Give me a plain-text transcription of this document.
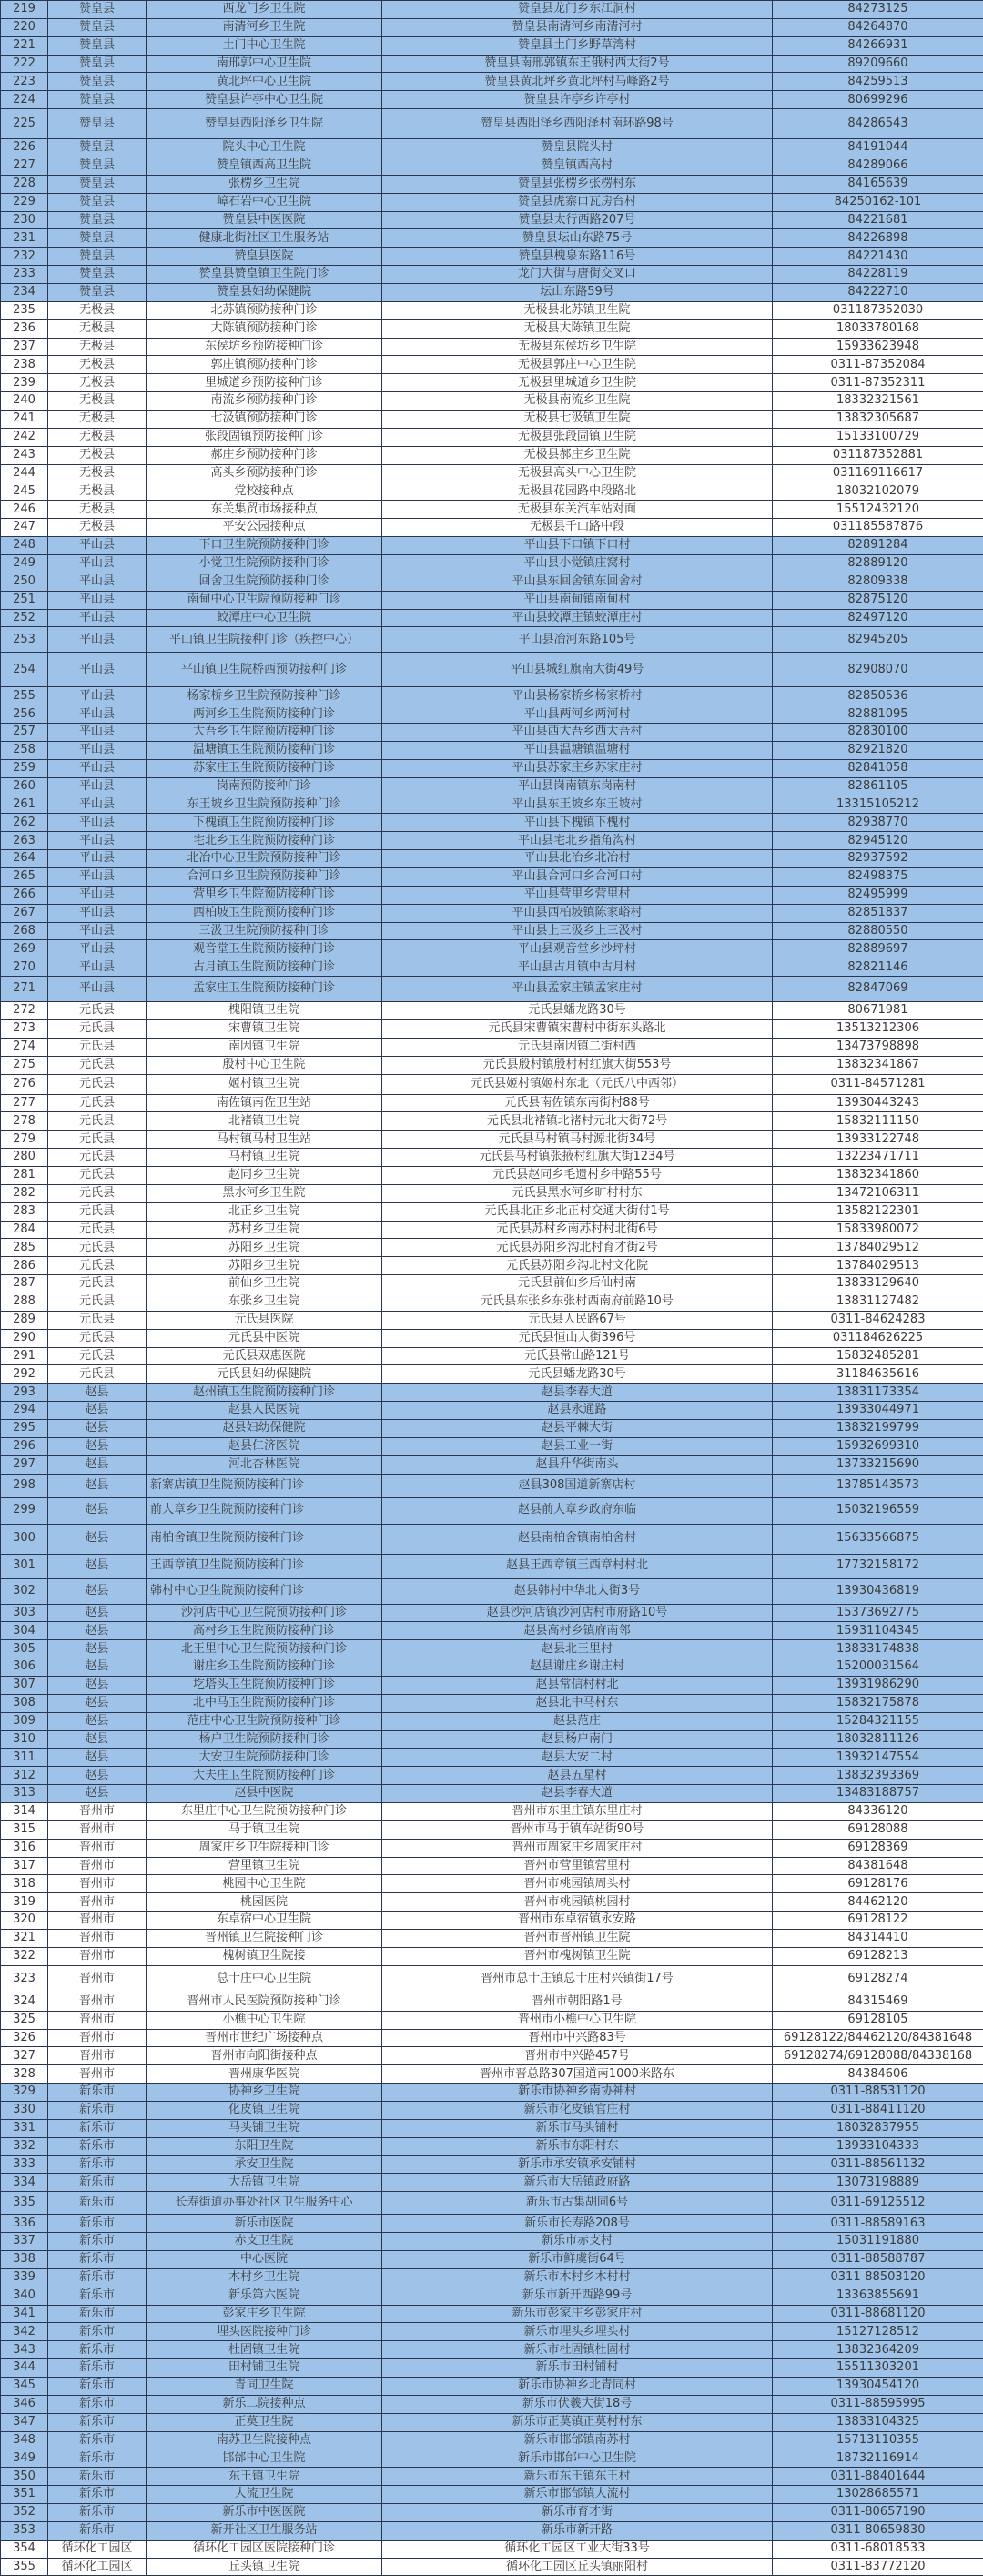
219	赞皇县	西龙门乡卫生院	赞皇县龙门乡东江洞村	84273125
220	赞皇县	南清河乡卫生院	赞皇县南清河乡南清河村	84264870
221	赞皇县	土门中心卫生院	赞皇县土门乡野草湾村	84266931
222	赞皇县	南邢郭中心卫生院	赞皇县南邢郭镇东王俄村西大街2号	89209660
223	赞皇县	黄北坪中心卫生院	赞皇县黄北坪乡黄北坪村马峰路2号	84259513
224	赞皇县	赞皇县许亭中心卫生院	赞皇县许亭乡许亭村	80699296
225	赞皇县	赞皇县西阳泽乡卫生院	赞皇县西阳泽乡西阳泽村南环路98号	84286543
226	赞皇县	院头中心卫生院	赞皇县院头村	84191044
227	赞皇县	赞皇镇西高卫生院	赞皇镇西高村	84289066
228	赞皇县	张楞乡卫生院	赞皇县张楞乡张楞村东	84165639
229	赞皇县	嶂石岩中心卫生院	赞皇县虎寨口瓦房台村	84250162-101
230	赞皇县	赞皇县中医医院	赞皇县太行西路207号	84221681
231	赞皇县	健康北街社区卫生服务站	赞皇县坛山东路75号	84226898
232	赞皇县	赞皇县医院	赞皇县槐泉东路116号	84221430
233	赞皇县	赞皇县赞皇镇卫生院门诊	龙门大街与唐街交叉口	84228119
234	赞皇县	赞皇县妇幼保健院	坛山东路59号	84222710
235	无极县	北苏镇预防接种门诊	无极县北苏镇卫生院	031187352030
236	无极县	大陈镇预防接种门诊	无极县大陈镇卫生院	18033780168
237	无极县	东侯坊乡预防接种门诊	无极县东侯坊乡卫生院	15933623948
238	无极县	郭庄镇预防接种门诊	无极县郭庄中心卫生院	0311-87352084
239	无极县	里城道乡预防接种门诊	无极县里城道乡卫生院	0311-87352311
240	无极县	南流乡预防接种门诊	无极县南流乡卫生院	18332321561
241	无极县	七汲镇预防接种门诊	无极县七汲镇卫生院	13832305687
242	无极县	张段固镇预防接种门诊	无极县张段固镇卫生院	15133100729
243	无极县	郝庄乡预防接种门诊	无极县郝庄乡卫生院	031187352881
244	无极县	高头乡预防接种门诊	无极县高头中心卫生院	031169116617
245	无极县	党校接种点	无极县花园路中段路北	18032102079
246	无极县	东关集贸市场接种点	无极县东关汽车站对面	15512432120
247	无极县	平安公园接种点	无极县千山路中段	031185587876
248	平山县	下口卫生院预防接种门诊	平山县下口镇下口村	82891284
249	平山县	小觉卫生院预防接种门诊	平山县小觉镇庄窝村	82889120
250	平山县	回舍卫生院预防接种门诊	平山县东回舍镇东回舍村	82809338
251	平山县	南甸中心卫生院预防接种门诊	平山县南甸镇南甸村	82875120
252	平山县	蛟潭庄中心卫生院	平山县蛟潭庄镇蛟潭庄村	82497120
253	平山县	平山镇卫生院接种门诊（疾控中心）	平山县冶河东路105号	82945205
254	平山县	平山镇卫生院桥西预防接种门诊	平山县城红旗南大街49号	82908070
255	平山县	杨家桥乡卫生院预防接种门诊	平山县杨家桥乡杨家桥村	82850536
256	平山县	两河乡卫生院预防接种门诊	平山县两河乡两河村	82881095
257	平山县	大吾乡卫生院预防接种门诊	平山县西大吾乡西大吾村	82830100
258	平山县	温塘镇卫生院预防接种门诊	平山县温塘镇温塘村	82921820
259	平山县	苏家庄卫生院预防接种门诊	平山县苏家庄乡苏家庄村	82841058
260	平山县	岗南预防接种门诊	平山县岗南镇东岗南村	82861105
261	平山县	东王坡乡卫生院预防接种门诊	平山县东王坡乡东王坡村	13315105212
262	平山县	下槐镇卫生院预防接种门诊	平山县下槐镇下槐村	82938770
263	平山县	宅北乡卫生院预防接种门诊	平山县宅北乡指角沟村	82945120
264	平山县	北冶中心卫生院预防接种门诊	平山县北冶乡北冶村	82937592
265	平山县	合河口乡卫生院预防接种门诊	平山县合河口乡合河口村	82498375
266	平山县	营里乡卫生院预防接种门诊	平山县营里乡营里村	82495999
267	平山县	西柏坡卫生院预防接种门诊	平山县西柏坡镇陈家峪村	82851837
268	平山县	三汲卫生院预防接种门诊	平山县上三汲乡上三汲村	82880550
269	平山县	观音堂卫生院预防接种门诊	平山县观音堂乡沙坪村	82889697
270	平山县	古月镇卫生院预防接种门诊	平山县古月镇中古月村	82821146
271	平山县	孟家庄卫生院预防接种门诊	平山县孟家庄镇孟家庄村	82847069
272	元氏县	槐阳镇卫生院	元氏县蟠龙路30号	80671981
273	元氏县	宋曹镇卫生院	元氏县宋曹镇宋曹村中街东头路北	13513212306
274	元氏县	南因镇卫生院	元氏县南因镇二街村西	13473798898
275	元氏县	殷村中心卫生院	元氏县殷村镇殷村村红旗大街553号	13832341867
276	元氏县	姬村镇卫生院	元氏县姬村镇姬村东北（元氏八中西邻）	0311-84571281
277	元氏县	南佐镇南佐卫生站	元氏县南佐镇东南街村88号	13930443243
278	元氏县	北褚镇卫生院	元氏县北褚镇北褚村元北大街72号	15832111150
279	元氏县	马村镇马村卫生站	元氏县马村镇马村源北街34号	13933122748
280	元氏县	马村镇卫生院	元氏县马村镇张掖村红旗大街1234号	13223471711
281	元氏县	赵同乡卫生院	元氏县赵同乡毛遗村乡中路55号	13832341860
282	元氏县	黑水河乡卫生院	元氏县黑水河乡旷村村东	13472106311
283	元氏县	北正乡卫生院	元氏县北正乡北正村交通大街付1号	13582122301
284	元氏县	苏村乡卫生院	元氏县苏村乡南苏村村北街6号	15833980072
285	元氏县	苏阳乡卫生院	元氏县苏阳乡沟北村育才街2号	13784029512
286	元氏县	苏阳乡卫生院	元氏县苏阳乡沟北村文化院	13784029513
287	元氏县	前仙乡卫生院	元氏县前仙乡后仙村南	13833129640
288	元氏县	东张乡卫生院	元氏县东张乡东张村西南府前路10号	13831127482
289	元氏县	元氏县医院	元氏县人民路67号	0311-84624283
290	元氏县	元氏县中医院	元氏县恒山大街396号	031184626225
291	元氏县	元氏县双惠医院	元氏县常山路121号	15832485281
292	元氏县	元氏县妇幼保健院	元氏县蟠龙路30号	31184635616
293	赵县	赵州镇卫生院预防接种门诊	赵县李春大道	13831173354
294	赵县	赵县人民医院	赵县永通路	13933044971
295	赵县	赵县妇幼保健院	赵县平棘大街	13832199799
296	赵县	赵县仁济医院	赵县工业一街	15932699310
297	赵县	河北杏林医院	赵县升华街南头	13733215690
298	赵县	新寨店镇卫生院预防接种门诊	赵县308国道新寨店村	13785143573
299	赵县	前大章乡卫生院预防接种门诊	赵县前大章乡政府东临	15032196559
300	赵县	南柏舍镇卫生院预防接种门诊	赵县南柏舍镇南柏舍村	15633566875
301	赵县	王西章镇卫生院预防接种门诊	赵县王西章镇王西章村村北	17732158172
302	赵县	韩村中心卫生院预防接种门诊	赵县韩村中华北大街3号	13930436819
303	赵县	沙河店中心卫生院预防接种门诊	赵县沙河店镇沙河店村市府路10号	15373692775
304	赵县	高村乡卫生院预防接种门诊	赵县高村乡镇府南邻	15931104345
305	赵县	北王里中心卫生院预防接种门诊	赵县北王里村	13833174838
306	赵县	谢庄乡卫生院预防接种门诊	赵县谢庄乡谢庄村	15200031564
307	赵县	圪塔头卫生院预防接种门诊	赵县常信村村北	13931986290
308	赵县	北中马卫生院预防接种门诊	赵县北中马村东	15832175878
309	赵县	范庄中心卫生院预防接种门诊	赵县范庄	15284321155
310	赵县	杨户卫生院预防接种门诊	赵县杨户南门	18032811126
311	赵县	大安卫生院预防接种门诊	赵县大安二村	13932147554
312	赵县	大夫庄卫生院预防接种门诊	赵县五星村	13832393369
313	赵县	赵县中医院	赵县李春大道	13483188757
314	晋州市	东里庄中心卫生院预防接种门诊	晋州市东里庄镇东里庄村	84336120
315	晋州市	马于镇卫生院	晋州市马于镇车站街90号	69128088
316	晋州市	周家庄乡卫生院接种门诊	晋州市周家庄乡周家庄村	69128369
317	晋州市	营里镇卫生院	晋州市营里镇营里村	84381648
318	晋州市	桃园中心卫生院	晋州市桃园镇周头村	69128176
319	晋州市	桃园医院	晋州市桃园镇桃园村	84462120
320	晋州市	东卓宿中心卫生院	晋州市东卓宿镇永安路	69128122
321	晋州市	晋州镇卫生院接种门诊	晋州市晋州镇卫生院	84314410
322	晋州市	槐树镇卫生院接	晋州市槐树镇卫生院	69128213
323	晋州市	总十庄中心卫生院	晋州市总十庄镇总十庄村兴镇街17号	69128274
324	晋州市	晋州市人民医院预防接种门诊	晋州市朝阳路1号	84315469
325	晋州市	小樵中心卫生院	晋州市小樵中心卫生院	69128105
326	晋州市	晋州市世纪广场接种点	晋州市中兴路83号	69128122/84462120/84381648
327	晋州市	晋州市向阳街接种点	晋州市中兴路457号	69128274/69128088/84338168
328	晋州市	晋州康华医院	晋州市晋总路307国道南1000米路东	84384606
329	新乐市	协神乡卫生院	新乐市协神乡南协神村	0311-88531120
330	新乐市	化皮镇卫生院	新乐市化皮镇官庄村	0311-88411120
331	新乐市	马头铺卫生院	新乐市马头铺村	18032837955
332	新乐市	东阳卫生院	新乐市东阳村东	13933104333
333	新乐市	承安卫生院	新乐市承安镇承安铺村	0311-88561132
334	新乐市	大岳镇卫生院	新乐市大岳镇政府路	13073198889
335	新乐市	长寿街道办事处社区卫生服务中心	新乐市古集胡同6号	0311-69125512
336	新乐市	新乐市医院	新乐市长寿路208号	0311-88589163
337	新乐市	赤支卫生院	新乐市赤支村	15031191880
338	新乐市	中心医院	新乐市鲜虞街64号	0311-88588787
339	新乐市	木村乡卫生院	新乐市木村乡木村村	0311-88503120
340	新乐市	新乐第六医院	新乐市新开西路99号	13363855691
341	新乐市	彭家庄乡卫生院	新乐市彭家庄乡彭家庄村	0311-88681120
342	新乐市	埋头医院接种门诊	新乐市埋头乡埋头村	15127128512
343	新乐市	杜固镇卫生院	新乐市杜固镇杜固村	13832364209
344	新乐市	田村铺卫生院	新乐市田村铺村	15511303201
345	新乐市	青同卫生院	新乐市协神乡北青同村	13930454120
346	新乐市	新乐二院接种点	新乐市伏羲大街18号	0311-88595995
347	新乐市	正莫卫生院	新乐市正莫镇正莫村村东	13833104325
348	新乐市	南苏卫生院接种点	新乐市邯邰镇南苏村	15713110355
349	新乐市	邯邰中心卫生院	新乐市邯邰中心卫生院	18732116914
350	新乐市	东王镇卫生院	新乐市东王镇东王村	0311-88401644
351	新乐市	大流卫生院	新乐市邯邰镇大流村	13028685571
352	新乐市	新乐市中医医院	新乐市育才街	0311-80657190
353	新乐市	新开社区卫生服务站	新乐市新开路	0311-80659830
354	循环化工园区	循环化工园区医院接种门诊	循环化工园区工业大街33号	0311-68018533
355	循环化工园区	丘头镇卫生院	循环化工园区丘头镇丽阳村	0311-83772120
